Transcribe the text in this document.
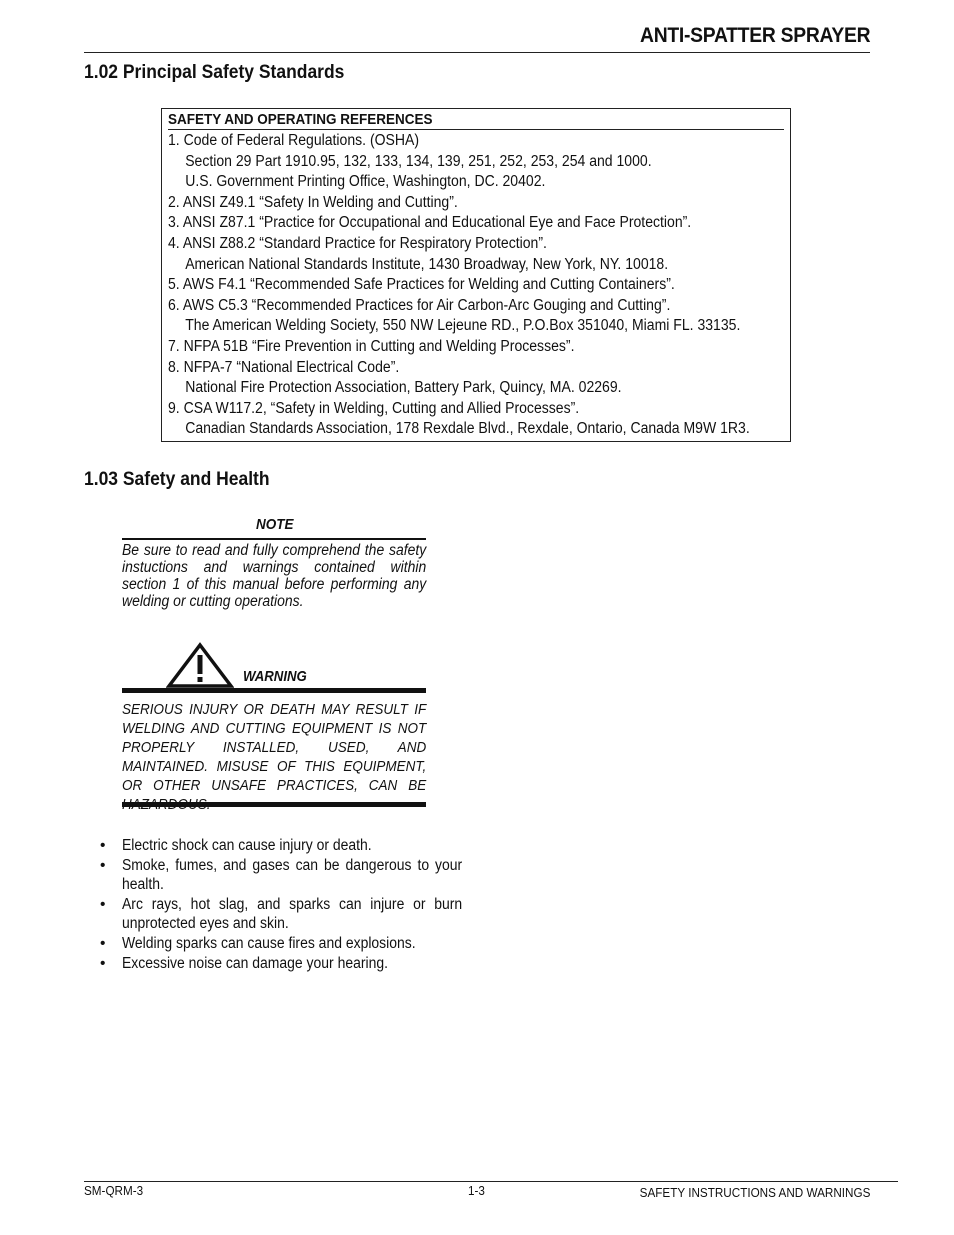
ANTI-SPATTER SPRAYER
1.02 Principal Safety Standards
SAFETY AND OPERATING REFERENCES
1. Code of Federal Regulations. (OSHA)
Section 29 Part 1910.95, 132, 133, 134, 139, 251, 252, 253, 254 and 1000.
U.S. Government Printing Office, Washington, DC. 20402.
2. ANSI Z49.1 “Safety In Welding and Cutting”.
3. ANSI Z87.1 “Practice for Occupational and Educational Eye and Face Protection”.
4. ANSI Z88.2 “Standard Practice for Respiratory Protection”.
American National Standards Institute, 1430 Broadway, New York, NY. 10018.
5. AWS F4.1 “Recommended Safe Practices for Welding and Cutting Containers”.
6. AWS C5.3 “Recommended Practices for Air Carbon-Arc Gouging and Cutting”.
The American Welding Society, 550 NW Lejeune RD., P.O.Box 351040, Miami FL. 33135.
7. NFPA 51B “Fire Prevention in Cutting and Welding Processes”.
8. NFPA-7 “National Electrical Code”.
National Fire Protection Association, Battery Park, Quincy, MA. 02269.
9. CSA W117.2, “Safety in Welding, Cutting and Allied Processes”.
Canadian Standards Association, 178 Rexdale Blvd., Rexdale, Ontario, Canada M9W 1R3.
1.03 Safety and Health
NOTE
Be sure to read and fully comprehend the safety instuctions and warnings contained within section 1 of this manual before performing any welding or cutting operations.
WARNING
SERIOUS INJURY OR DEATH MAY RESULT IF WELDING AND CUTTING EQUIPMENT IS NOT PROPERLY INSTALLED, USED, AND MAINTAINED. MISUSE OF THIS EQUIPMENT, OR OTHER UNSAFE PRACTICES, CAN BE
•	Electric shock can cause injury or death.
•	Smoke, fumes, and gases can be dangerous to your health.
•	Arc rays, hot slag, and sparks can injure or burn unprotected eyes and skin.
•	Welding sparks can cause fires and explosions.
•	Excessive noise can damage your hearing.
SM-QRM-3	1-3	SAFETY INSTRUCTIONS AND WARNINGS
